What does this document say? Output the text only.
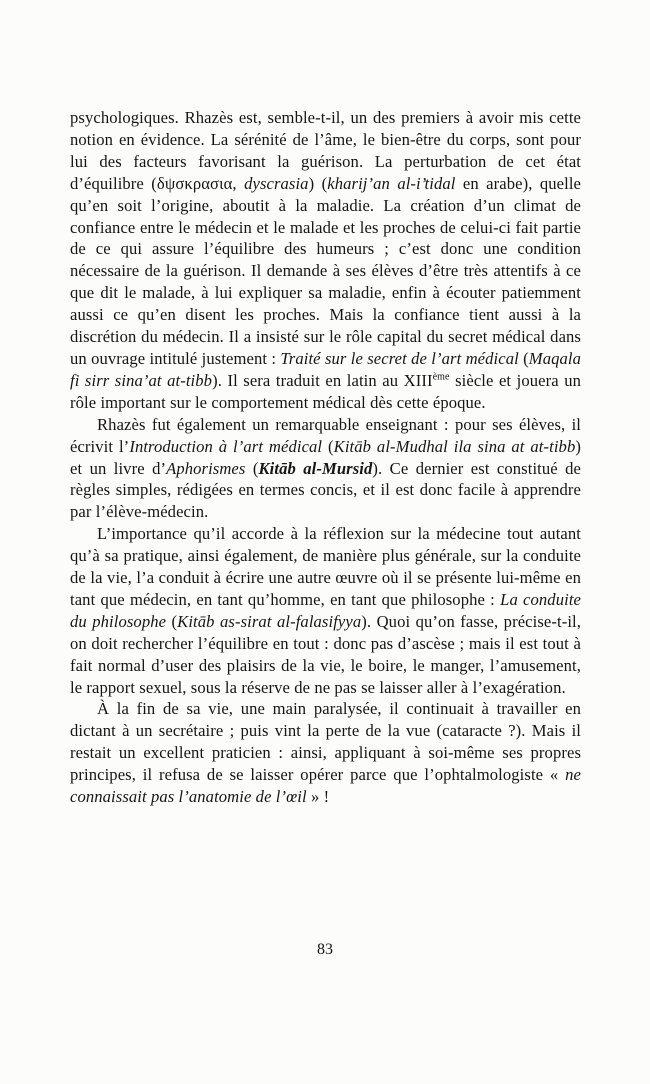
psychologiques. Rhazès est, semble-t-il, un des premiers à avoir mis cette notion en évidence. La sérénité de l’âme, le bien-être du corps, sont pour lui des facteurs favorisant la guérison. La perturbation de cet état d’équilibre (δψσκρασια, dyscrasia) (kharij’an al-i’tidal en arabe), quelle qu’en soit l’origine, aboutit à la maladie. La création d’un climat de confiance entre le médecin et le malade et les proches de celui-ci fait partie de ce qui assure l’équilibre des humeurs ; c’est donc une condition nécessaire de la guérison. Il demande à ses élèves d’être très attentifs à ce que dit le malade, à lui expliquer sa maladie, enfin à écouter patiemment aussi ce qu’en disent les proches. Mais la confiance tient aussi à la discrétion du médecin. Il a insisté sur le rôle capital du secret médical dans un ouvrage intitulé justement : Traité sur le secret de l’art médical (Maqala fi sirr sina’at at-tibb). Il sera traduit en latin au XIIIème siècle et jouera un rôle important sur le comportement médical dès cette époque.

Rhazès fut également un remarquable enseignant : pour ses élèves, il écrivit l’Introduction à l’art médical (Kitāb al-Mudhal ila sina at at-tibb) et un livre d’Aphorismes (Kitāb al-Mursid). Ce dernier est constitué de règles simples, rédigées en termes concis, et il est donc facile à apprendre par l’élève-médecin.

L’importance qu’il accorde à la réflexion sur la médecine tout autant qu’à sa pratique, ainsi également, de manière plus générale, sur la conduite de la vie, l’a conduit à écrire une autre œuvre où il se présente lui-même en tant que médecin, en tant qu’homme, en tant que philosophe : La conduite du philosophe (Kitāb as-sirat al-falasifyya). Quoi qu’on fasse, précise-t-il, on doit rechercher l’équilibre en tout : donc pas d’ascèse ; mais il est tout à fait normal d’user des plaisirs de la vie, le boire, le manger, l’amusement, le rapport sexuel, sous la réserve de ne pas se laisser aller à l’exagération.

À la fin de sa vie, une main paralysée, il continuait à travailler en dictant à un secrétaire ; puis vint la perte de la vue (cataracte ?). Mais il restait un excellent praticien : ainsi, appliquant à soi-même ses propres principes, il refusa de se laisser opérer parce que l’ophtalmologiste « ne connaissait pas l’anatomie de l’œil » !

83
